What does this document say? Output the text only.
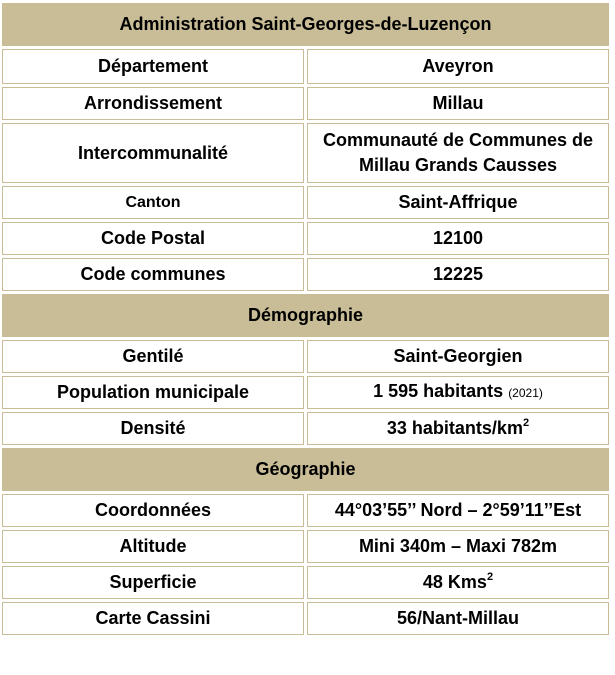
Administration Saint-Georges-de-Luzençon	
Département	Aveyron
Arrondissement	Millau
Intercommunalité	Communauté de Communes de
Millau Grands Causses
Canton	Saint-Affrique
Code Postal	12100
Code communes	12225
Démographie	
Gentilé	Saint-Georgien
Population municipale	1 595 habitants (2021)
Densité	33 habitants/$km^2$
Géographie	
Coordonnées	44°03’55’’ Nord – 2°59’11’’Est
Altitude	Mini 340m – Maxi 782m
Superficie	48 Kms$^2$
Carte Cassini	56/Nant-Millau
